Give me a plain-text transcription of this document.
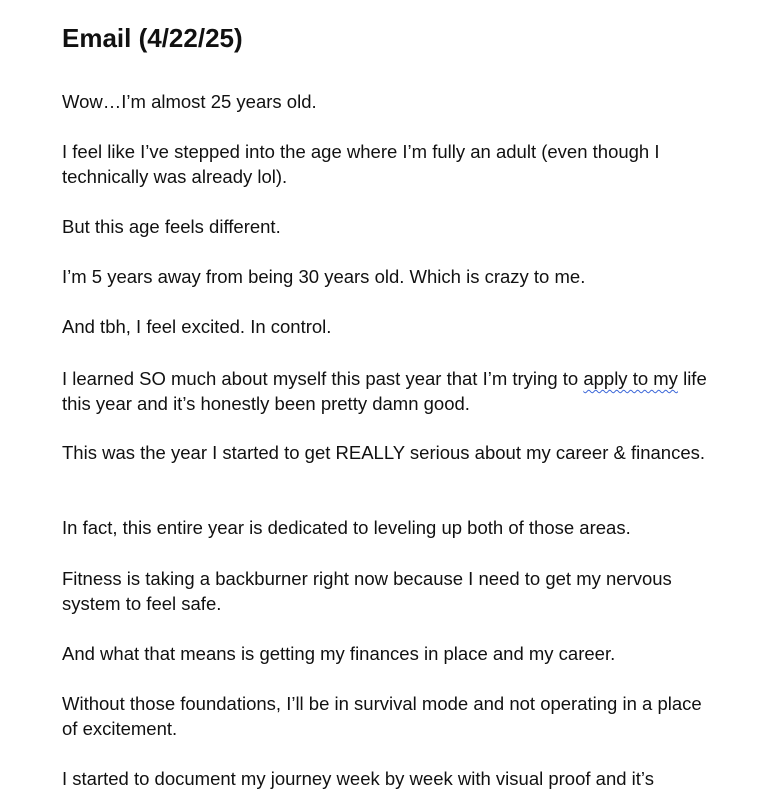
Email (4/22/25)

Wow…I’m almost 25 years old.

I feel like I’ve stepped into the age where I’m fully an adult (even though I technically was already lol).

But this age feels different.

I’m 5 years away from being 30 years old. Which is crazy to me.

And tbh, I feel excited. In control.

I learned SO much about myself this past year that I’m trying to apply to my life this year and it’s honestly been pretty damn good.

This was the year I started to get REALLY serious about my career & finances.

In fact, this entire year is dedicated to leveling up both of those areas.

Fitness is taking a backburner right now because I need to get my nervous system to feel safe.

And what that means is getting my finances in place and my career.

Without those foundations, I’ll be in survival mode and not operating in a place of excitement.

I started to document my journey week by week with visual proof and it’s
